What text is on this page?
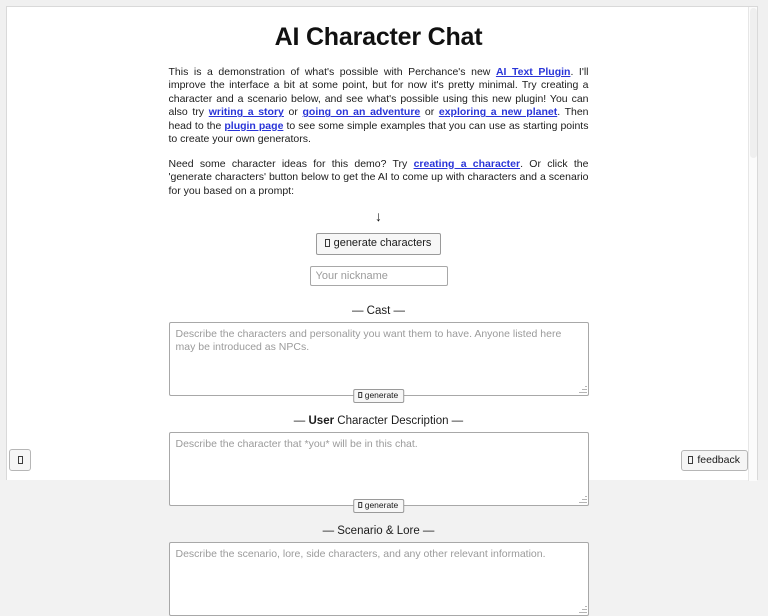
AI Character Chat

This is a demonstration of what's possible with Perchance's new AI Text Plugin. I'll improve the interface a bit at some point, but for now it's pretty minimal. Try creating a character and a scenario below, and see what's possible using this new plugin! You can also try writing a story or going on an adventure or exploring a new planet. Then head to the plugin page to see some simple examples that you can use as starting points to create your own generators.

Need some character ideas for this demo? Try creating a character. Or click the 'generate characters' button below to get the AI to come up with characters and a scenario for you based on a prompt:

↓
generate characters
Your nickname
— Cast —
Describe the characters and personality you want them to have. Anyone listed here may be introduced as NPCs.
generate
— User Character Description —
Describe the character that *you* will be in this chat.
generate
— Scenario & Lore —
Describe the scenario, lore, side characters, and any other relevant information.
feedback
